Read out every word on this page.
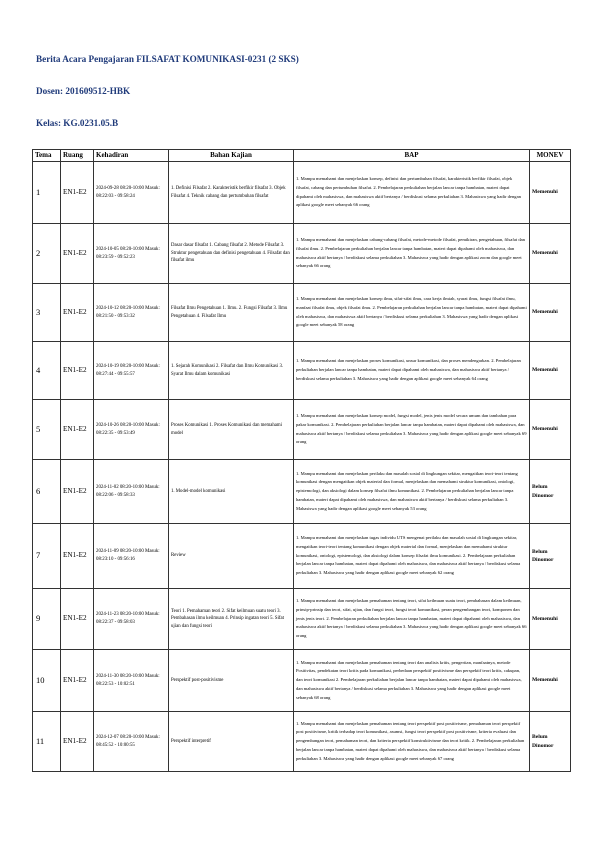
Berita Acara Pengajaran FILSAFAT KOMUNIKASI-0231 (2 SKS)
Dosen: 201609512-HBK
Kelas: KG.0231.05.B
Tema	Ruang	Kehadiran	Bahan Kajian	BAP	MONEV
1	EN1-E2	2024-09-28 08:20-10:00 Masuk: 08:22:03 - 09:58:24	1. Definisi Filsafat 2. Karakteristik berfikir filsafat 3. Objek Filsafat 4. Teknik cabang dan pertumbuhan filsafat	1. Mampu memahami dan menjelaskan konsep, definisi dan pertumbuhan filsafat, karakteristik berfikir filsafat, objek filsafat, cabang dan pertumbuhan filsafat. 2. Pembelajaran perkuliahan berjalan lancar tanpa hambatan, materi dapat dipahami oleh mahasiswa, dan mahasiswa aktif bertanya / berdiskusi selama perkuliahan 3. Mahasiswa yang hadir dengan aplikasi google meet sebanyak 66 orang	Memenuhi
2	EN1-E2	2024-10-05 08:20-10:00 Masuk: 08:23:59 - 09:52:23	Dasar dasar filsafat 1. Cabang filsafat 2. Metode Filsafat 3. Struktur pengetahuan dan definisi pengetahuan 4. Filsafat dan filsafat ilmu	1. Mampu memahami dan menjelaskan cabang-cabang filsafat, metode-metode filsafat, pemikiran, pengetahuan, filsafat dan filsafat ilmu. 2. Pembelajaran perkuliahan berjalan lancar tanpa hambatan, materi dapat dipahami oleh mahasiswa, dan mahasiswa aktif bertanya / berdiskusi selama perkuliahan 3. Mahasiswa yang hadir dengan aplikasi zoom dan google meet sebanyak 66 orang	Memenuhi
3	EN1-E2	2024-10-12 08:20-10:00 Masuk: 08:21:50 - 09:53:32	Filsafat Ilmu Pengetahuan 1. Ilmu. 2. Fungsi Filsafat 3. Ilmu Pengetahuan 4. Filsafat Ilmu	1. Mampu memahami dan menjelaskan konsep ilmu, sifat-sifat ilmu, cara kerja ilmiah, syarat ilmu, fungsi filsafat ilmu, manfaat filsafat ilmu, objek filsafat ilmu. 2. Pembelajaran perkuliahan berjalan lancar tanpa hambatan, materi dapat dipahami oleh mahasiswa, dan mahasiswa aktif bertanya / berdiskusi selama perkuliahan 3. Mahasiswa yang hadir dengan aplikasi google meet sebanyak 58 orang	Memenuhi
4	EN1-E2	2024-10-19 08:20-10:00 Masuk: 08:27:44 - 09:55:57	1. Sejarah Komunikasi 2. Filsafat dan Ilmu Komunikasi 3. Syarat Ilmu dalam komunikasi	1. Mampu memahami dan menjelaskan proses komunikasi, unsur komunikasi, dan proses mendengarkan. 2. Pembelajaran perkuliahan berjalan lancar tanpa hambatan, materi dapat dipahami oleh mahasiswa, dan mahasiswa aktif bertanya / berdiskusi selama perkuliahan 3. Mahasiswa yang hadir dengan aplikasi google meet sebanyak 64 orang	Memenuhi
5	EN1-E2	2024-10-26 08:20-10:00 Masuk: 08:22:35 - 09:53:49	Proses Komunikasi 1. Proses Komunikasi dan memahami model	1. Mampu memahami dan menjelaskan konsep model, fungsi model, jenis jenis model secara umum dan tambahan para pakar komunikasi. 2. Pembelajaran perkuliahan berjalan lancar tanpa hambatan, materi dapat dipahami oleh mahasiswa, dan mahasiswa aktif bertanya / berdiskusi selama perkuliahan 3. Mahasiswa yang hadir dengan aplikasi google meet sebanyak 69 orang	Memenuhi
6	EN1-E2	2024-11-02 08:20-10:00 Masuk: 08:22:06 - 09:58:33	1. Model-model komunikasi	1. Mampu memahami dan menjelaskan perilaku dan masalah sosial di lingkungan sekitar, mengaitkan teori-teori tentang komunikasi dengan mengaitkan objek material dan formal, menjelaskan dan memahami struktur komunikasi, ontologi, epistemologi, dan aksiologi dalam konsep filsafat ilmu komunikasi. 2. Pembelajaran perkuliahan berjalan lancar tanpa hambatan, materi dapat dipahami oleh mahasiswa, dan mahasiswa aktif bertanya / berdiskusi selama perkuliahan 3. Mahasiswa yang hadir dengan aplikasi google meet sebanyak 53 orang	Belum Dinomor
7	EN1-E2	2024-11-09 08:20-10:00 Masuk: 08:23:10 - 09:56:16	Review	1. Mampu memahami dan menjelaskan tugas individu UTS mengenai perilaku dan masalah sosial di lingkungan sekitar, mengaitkan teori-teori tentang komunikasi dengan objek material dan formal, menjelaskan dan memahami struktur komunikasi, ontologi, epistemologi, dan aksiologi dalam konsep filsafat ilmu komunikasi. 2. Pembelajaran perkuliahan berjalan lancar tanpa hambatan, materi dapat dipahami oleh mahasiswa, dan mahasiswa aktif bertanya / berdiskusi selama perkuliahan 3. Mahasiswa yang hadir dengan aplikasi google meet sebanyak 62 orang	Belum Dinomor
9	EN1-E2	2024-11-23 08:20-10:00 Masuk: 08:22:37 - 09:58:03	Teori 1. Pemahaman teori 2. Sifat keilmuan suatu teori 3. Pembahasan ilmu keilmuan 4. Prinsip ingatan teori 5. Sifat ujian dan fungsi teori	1. Mampu memahami dan menjelaskan pemahaman tentang teori, sifat keilmuan suatu teori, pembahasan dalam keilmuan, prinsip-prinsip dan teori, sifat, ujian, dan fungsi teori, fungsi teori komunikasi, peran pengembangan teori, komponen dan jenis jenis teori. 2. Pembelajaran perkuliahan berjalan lancar tanpa hambatan, materi dapat dipahami oleh mahasiswa, dan mahasiswa aktif bertanya / berdiskusi selama perkuliahan 3. Mahasiswa yang hadir dengan aplikasi google meet sebanyak 66 orang	Memenuhi
10	EN1-E2	2024-11-30 08:20-10:00 Masuk: 08:22:53 - 10:02:51	Perspektif post-positivisme	1. Mampu memahami dan menjelaskan pemahaman tentang teori dan analisis kritis, pengertian, manfaatnya, metode Positivitas, pendekatan teori kritis pada komunikasi, perbedaan perspektif positivisme dan perspektif teori kritis, cakupan, dan teori komunikasi 2. Pembelajaran perkuliahan berjalan lancar tanpa hambatan, materi dapat dipahami oleh mahasiswa, dan mahasiswa aktif bertanya / berdiskusi selama perkuliahan 3. Mahasiswa yang hadir dengan aplikasi google meet sebanyak 68 orang	Memenuhi
11	EN1-E2	2024-12-07 08:20-10:00 Masuk: 08:45:52 - 10:00:55	Perspektif interpretif	1. Mampu memahami dan menjelaskan pemahaman tentang teori perspektif post positivisme, pemahaman teori perspektif post positivisme, kritik terhadap teori komunikasi, asumsi, fungsi teori perspektif post positivisme, kriteria evaluasi dan pengembangan teori, pemahaman teori, dan kriteria perspektif konstruktivisme dan teori kritik. 2. Pembelajaran perkuliahan berjalan lancar tanpa hambatan, materi dapat dipahami oleh mahasiswa, dan mahasiswa aktif bertanya / berdiskusi selama perkuliahan 3. Mahasiswa yang hadir dengan aplikasi google meet sebanyak 67 orang	Belum Dinomor
